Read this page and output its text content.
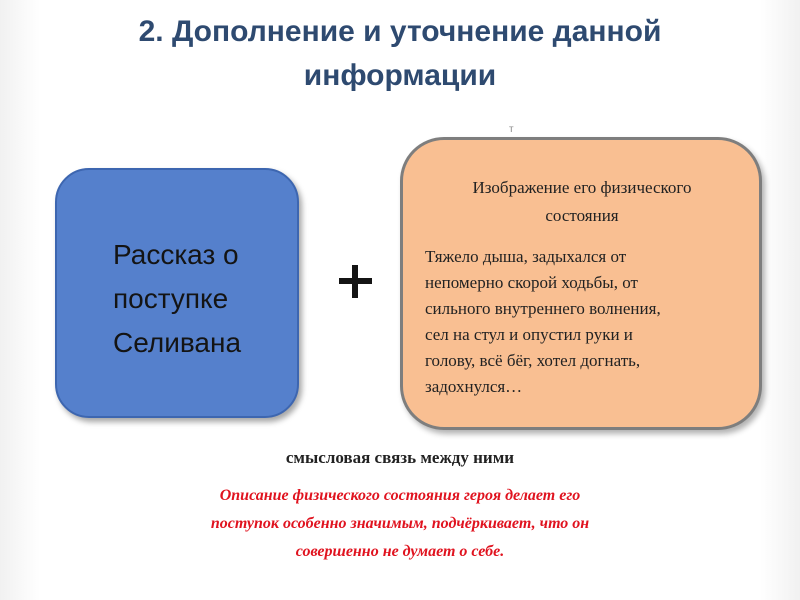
2. Дополнение и уточнение данной
информации
Рассказ о
поступке
Селивана
т
Изображение его физического
состояния
Тяжело дыша, задыхался от
непомерно скорой ходьбы, от
сильного внутреннего волнения,
сел на стул и опустил руки и
голову, всё бёг, хотел догнать,
задохнулся…
смысловая связь между ними
Описание физического состояния героя делает его
поступок особенно значимым, подчёркивает, что он
совершенно не думает о себе.
